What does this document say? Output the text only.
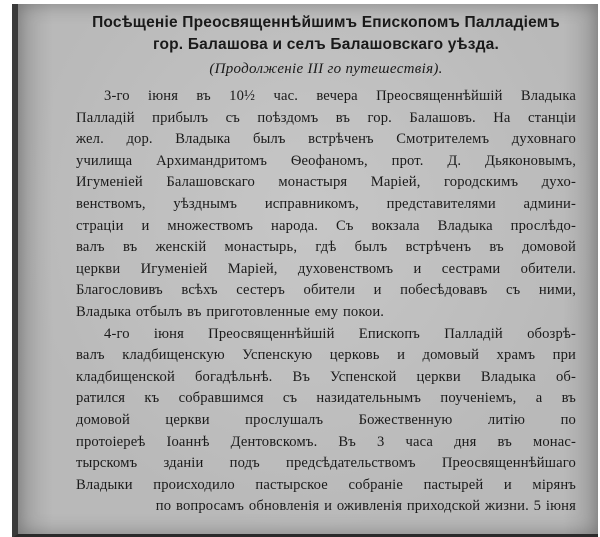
Посѣщеніе Преосвященнѣйшимъ Епископомъ Палладіемъ
гор. Балашова и селъ Балашовскаго уѣзда.
(Продолженіе III го путешествія).
3-го іюня въ 10½ час. вечера Преосвященнѣйшій Владыка
Палладій прибылъ съ поѣздомъ въ гор. Балашовъ. На станціи
жел. дор. Владыка былъ встрѣченъ Смотрителемъ духовнаго
училища Архимандритомъ Ѳеофаномъ, прот. Д. Дьяконовымъ,
Игуменіей Балашовскаго монастыря Маріей, городскимъ духо-
венствомъ, уѣзднымъ исправникомъ, представителями админи-
страціи и множествомъ народа. Съ вокзала Владыка прослѣдо-
валъ въ женскій монастырь, гдѣ былъ встрѣченъ въ домовой
церкви Игуменіей Маріей, духовенствомъ и сестрами обители.
Благословивъ всѣхъ сестеръ обители и побесѣдовавъ съ ними,
Владыка отбылъ въ приготовленные ему покои.
4-го іюня Преосвященнѣйшій Епископъ Палладій обозрѣ-
валъ кладбищенскую Успенскую церковь и домовый храмъ при
кладбищенской богадѣльнѣ. Въ Успенской церкви Владыка об-
ратился къ собравшимся съ назидательнымъ поученіемъ, а въ
домовой церкви прослушалъ Божественную литію по
протоіереѣ Іоаннѣ Дентовскомъ. Въ 3 часа дня въ монас-
тырскомъ зданіи подъ предсѣдательствомъ Преосвященнѣйшаго
Владыки происходило пастырское собраніе пастырей и мірянъ
по вопросамъ обновленія и оживленія приходской жизни. 5 іюня
